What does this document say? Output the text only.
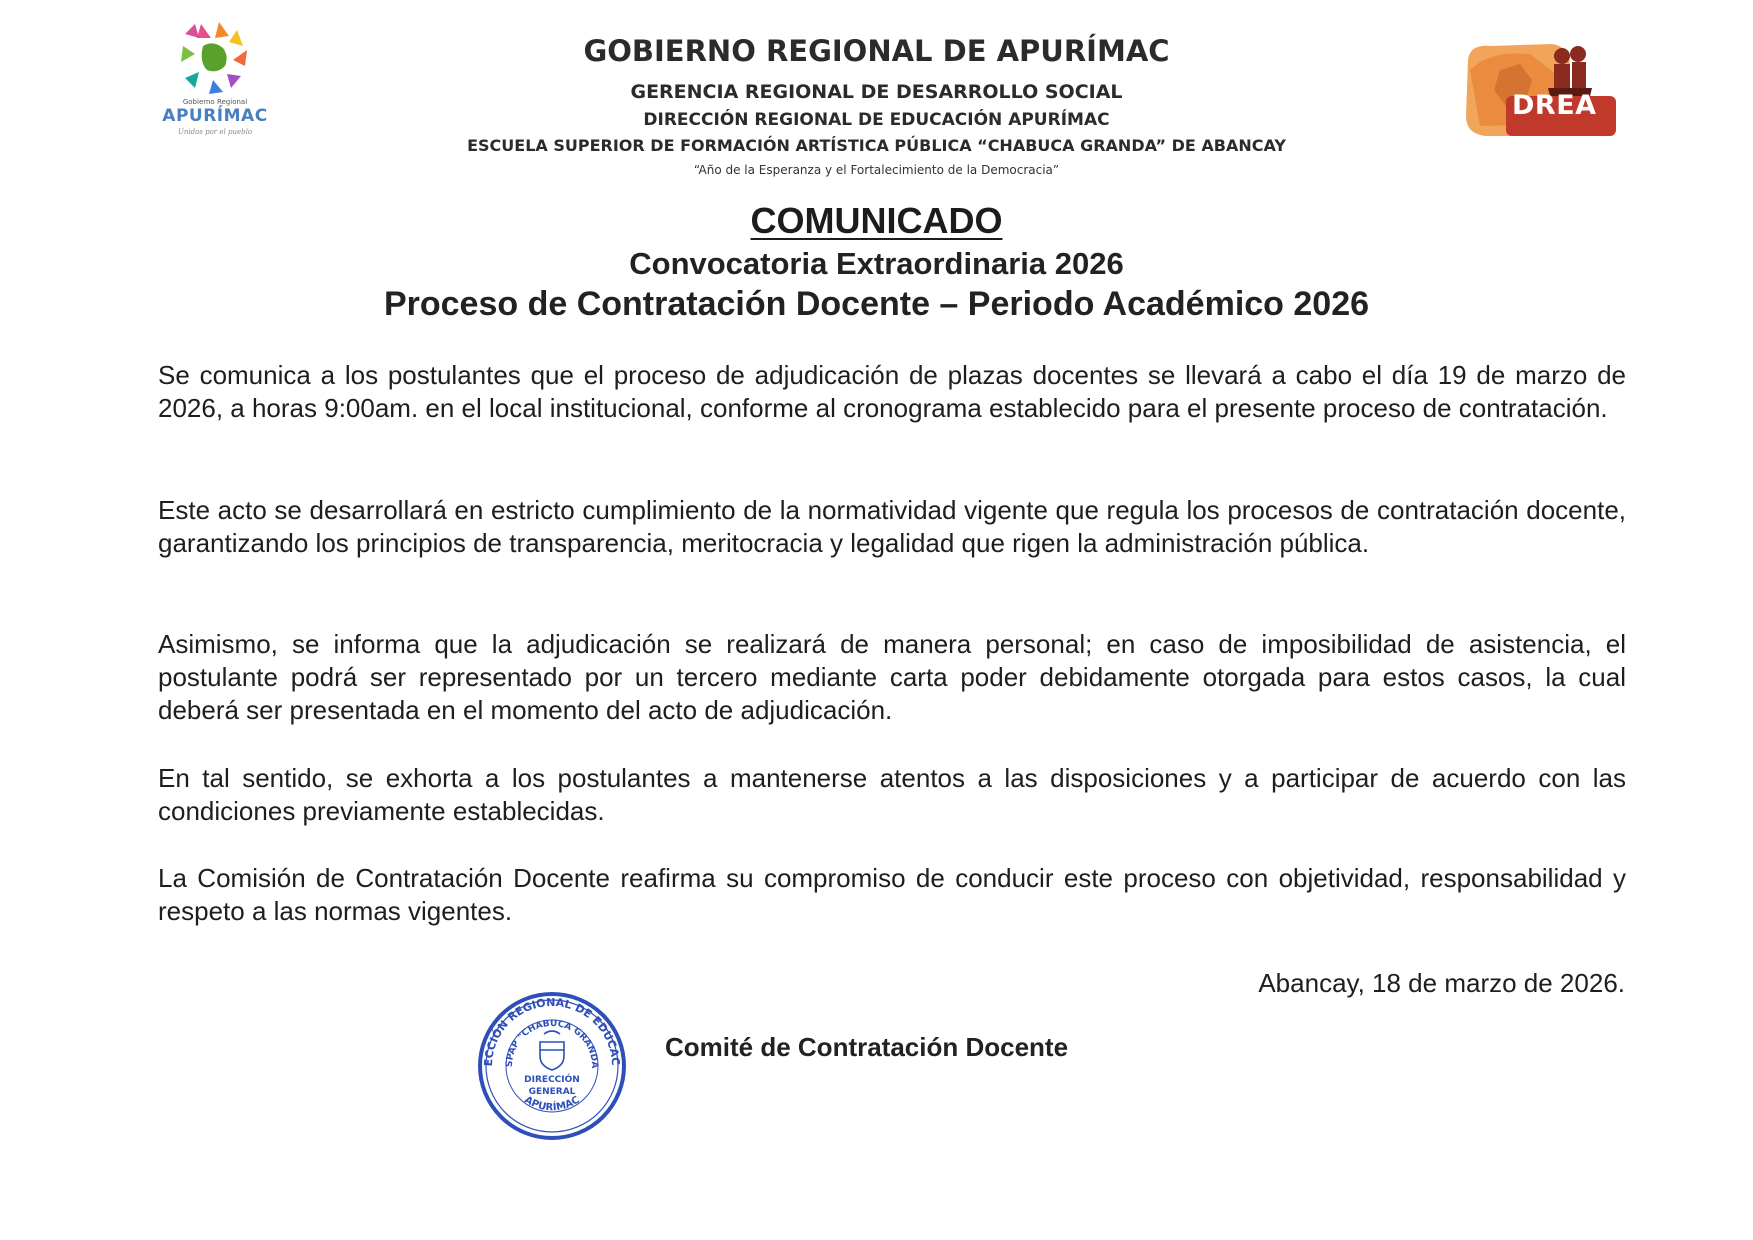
Gobierno Regional
APURÍMAC
Unidos por el pueblo
DREA
GOBIERNO REGIONAL DE APURÍMAC
GERENCIA REGIONAL DE DESARROLLO SOCIAL
DIRECCIÓN REGIONAL DE EDUCACIÓN APURÍMAC
ESCUELA SUPERIOR DE FORMACIÓN ARTÍSTICA PÚBLICA “CHABUCA GRANDA” DE ABANCAY
“Año de la Esperanza y el Fortalecimiento de la Democracia”
COMUNICADO
Convocatoria Extraordinaria 2026
Proceso de Contratación Docente – Periodo Académico 2026
Se comunica a los postulantes que el proceso de adjudicación de plazas docentes se llevará a cabo el día 19 de marzo de 2026, a horas 9:00am. en el local institucional, conforme al cronograma establecido para el presente proceso de contratación.
Este acto se desarrollará en estricto cumplimiento de la normatividad vigente que regula los procesos de contratación docente, garantizando los principios de transparencia, meritocracia y legalidad que rigen la administración pública.
Asimismo, se informa que la adjudicación se realizará de manera personal; en caso de imposibilidad de asistencia, el postulante podrá ser representado por un tercero mediante carta poder debidamente otorgada para estos casos, la cual deberá ser presentada en el momento del acto de adjudicación.
En tal sentido, se exhorta a los postulantes a mantenerse atentos a las disposiciones y a participar de acuerdo con las condiciones previamente establecidas.
La Comisión de Contratación Docente reafirma su compromiso de conducir este proceso con objetividad, responsabilidad y respeto a las normas vigentes.
Abancay, 18 de marzo de 2026.
Comité de Contratación Docente
ECCIÓN REGIONAL DE EDUCAC
SPAP "CHABUCA GRANDA
DIRECCIÓN
GENERAL
APURÍMAC
